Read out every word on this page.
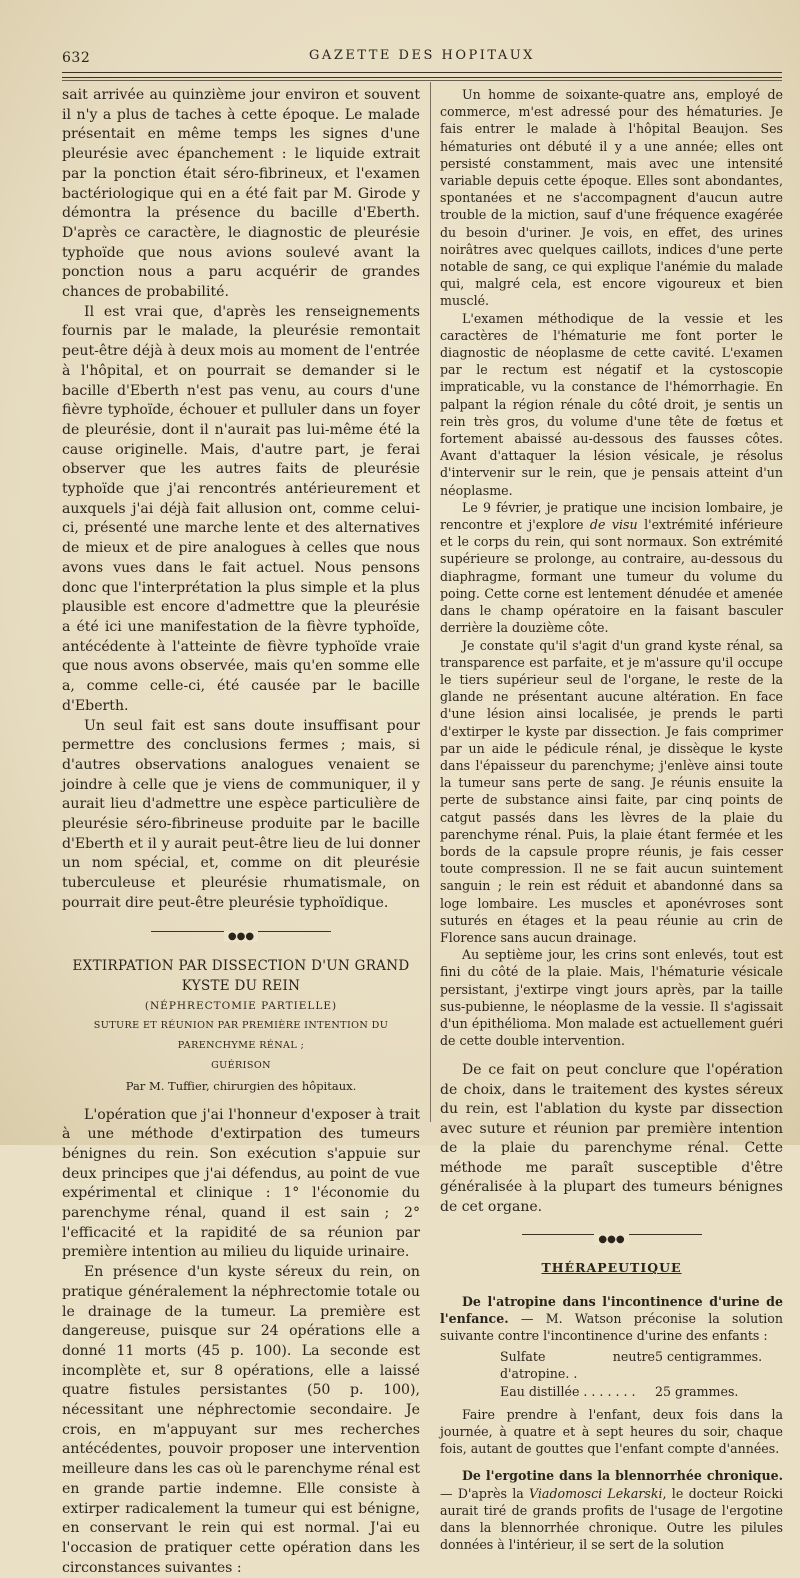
632	GAZETTE DES HOPITAUX

sait arrivée au quinzième jour environ et souvent il n'y a plus de taches à cette époque. Le malade présentait en même temps les signes d'une pleurésie avec épanchement : le liquide extrait par la ponction était séro-fibrineux, et l'examen bactériologique qui en a été fait par M. Girode y démontra la présence du bacille d'Eberth. D'après ce caractère, le diagnostic de pleurésie typhoïde que nous avions soulevé avant la ponction nous a paru acquérir de grandes chances de probabilité.

Il est vrai que, d'après les renseignements fournis par le malade, la pleurésie remontait peut-être déjà à deux mois au moment de l'entrée à l'hôpital, et on pourrait se demander si le bacille d'Eberth n'est pas venu, au cours d'une fièvre typhoïde, échouer et pulluler dans un foyer de pleurésie, dont il n'aurait pas lui-même été la cause originelle. Mais, d'autre part, je ferai observer que les autres faits de pleurésie typhoïde que j'ai rencontrés antérieurement et auxquels j'ai déjà fait allusion ont, comme celui-ci, présenté une marche lente et des alternatives de mieux et de pire analogues à celles que nous avons vues dans le fait actuel. Nous pensons donc que l'interprétation la plus simple et la plus plausible est encore d'admettre que la pleurésie a été ici une manifestation de la fièvre typhoïde, antécédente à l'atteinte de fièvre typhoïde vraie que nous avons observée, mais qu'en somme elle a, comme celle-ci, été causée par le bacille d'Eberth.

Un seul fait est sans doute insuffisant pour permettre des conclusions fermes ; mais, si d'autres observations analogues venaient se joindre à celle que je viens de communiquer, il y aurait lieu d'admettre une espèce particulière de pleurésie séro-fibrineuse produite par le bacille d'Eberth et il y aurait peut-être lieu de lui donner un nom spécial, et, comme on dit pleurésie tuberculeuse et pleurésie rhumatismale, on pourrait dire peut-être pleurésie typhoïdique.

●●●
EXTIRPATION PAR DISSECTION D'UN GRAND KYSTE DU REIN
(NÉPHRECTOMIE PARTIELLE)
SUTURE ET RÉUNION PAR PREMIÈRE INTENTION DU PARENCHYME RÉNAL ;
GUÉRISON
Par M. Tuffier, chirurgien des hôpitaux.

L'opération que j'ai l'honneur d'exposer à trait à une méthode d'extirpation des tumeurs bénignes du rein. Son exécution s'appuie sur deux principes que j'ai défendus, au point de vue expérimental et clinique : 1° l'économie du parenchyme rénal, quand il est sain ; 2° l'efficacité et la rapidité de sa réunion par première intention au milieu du liquide urinaire.

En présence d'un kyste séreux du rein, on pratique généralement la néphrectomie totale ou le drainage de la tumeur. La première est dangereuse, puisque sur 24 opérations elle a donné 11 morts (45 p. 100). La seconde est incomplète et, sur 8 opérations, elle a laissé quatre fistules persistantes (50 p. 100), nécessitant une néphrectomie secondaire. Je crois, en m'appuyant sur mes recherches antécédentes, pouvoir proposer une intervention meilleure dans les cas où le parenchyme rénal est en grande partie indemne. Elle consiste à extirper radicalement la tumeur qui est bénigne, en conservant le rein qui est normal. J'ai eu l'occasion de pratiquer cette opération dans les circonstances suivantes :

Un homme de soixante-quatre ans, employé de commerce, m'est adressé pour des hématuries. Je fais entrer le malade à l'hôpital Beaujon. Ses hématuries ont débuté il y a une année; elles ont persisté constamment, mais avec une intensité variable depuis cette époque. Elles sont abondantes, spontanées et ne s'accompagnent d'aucun autre trouble de la miction, sauf d'une fréquence exagérée du besoin d'uriner. Je vois, en effet, des urines noirâtres avec quelques caillots, indices d'une perte notable de sang, ce qui explique l'anémie du malade qui, malgré cela, est encore vigoureux et bien musclé.

L'examen méthodique de la vessie et les caractères de l'hématurie me font porter le diagnostic de néoplasme de cette cavité. L'examen par le rectum est négatif et la cystoscopie impraticable, vu la constance de l'hémorrhagie. En palpant la région rénale du côté droit, je sentis un rein très gros, du volume d'une tête de fœtus et fortement abaissé au-dessous des fausses côtes. Avant d'attaquer la lésion vésicale, je résolus d'intervenir sur le rein, que je pensais atteint d'un néoplasme.

Le 9 février, je pratique une incision lombaire, je rencontre et j'explore de visu l'extrémité inférieure et le corps du rein, qui sont normaux. Son extrémité supérieure se prolonge, au contraire, au-dessous du diaphragme, formant une tumeur du volume du poing. Cette corne est lentement dénudée et amenée dans le champ opératoire en la faisant basculer derrière la douzième côte.

Je constate qu'il s'agit d'un grand kyste rénal, sa transparence est parfaite, et je m'assure qu'il occupe le tiers supérieur seul de l'organe, le reste de la glande ne présentant aucune altération. En face d'une lésion ainsi localisée, je prends le parti d'extirper le kyste par dissection. Je fais comprimer par un aide le pédicule rénal, je dissèque le kyste dans l'épaisseur du parenchyme; j'enlève ainsi toute la tumeur sans perte de sang. Je réunis ensuite la perte de substance ainsi faite, par cinq points de catgut passés dans les lèvres de la plaie du parenchyme rénal. Puis, la plaie étant fermée et les bords de la capsule propre réunis, je fais cesser toute compression. Il ne se fait aucun suintement sanguin ; le rein est réduit et abandonné dans sa loge lombaire. Les muscles et aponévroses sont suturés en étages et la peau réunie au crin de Florence sans aucun drainage.

Au septième jour, les crins sont enlevés, tout est fini du côté de la plaie. Mais, l'hématurie vésicale persistant, j'extirpe vingt jours après, par la taille sus-pubienne, le néoplasme de la vessie. Il s'agissait d'un épithélioma. Mon malade est actuellement guéri de cette double intervention.

De ce fait on peut conclure que l'opération de choix, dans le traitement des kystes séreux du rein, est l'ablation du kyste par dissection avec suture et réunion par première intention de la plaie du parenchyme rénal. Cette méthode me paraît susceptible d'être généralisée à la plupart des tumeurs bénignes de cet organe.

●●●
THÉRAPEUTIQUE

De l'atropine dans l'incontinence d'urine de l'enfance. — M. Watson préconise la solution suivante contre l'incontinence d'urine des enfants :

Sulfate neutre d'atropine. .
5 centigrammes.
Eau distillée . . . . . . .	25 grammes.

Faire prendre à l'enfant, deux fois dans la journée, à quatre et à sept heures du soir, chaque fois, autant de gouttes que l'enfant compte d'années.

De l'ergotine dans la blennorrhée chronique. — D'après la Viadomosci Lekarski, le docteur Roicki aurait tiré de grands profits de l'usage de l'ergotine dans la blennorrhée chronique. Outre les pilules données à l'intérieur, il se sert de la solution
